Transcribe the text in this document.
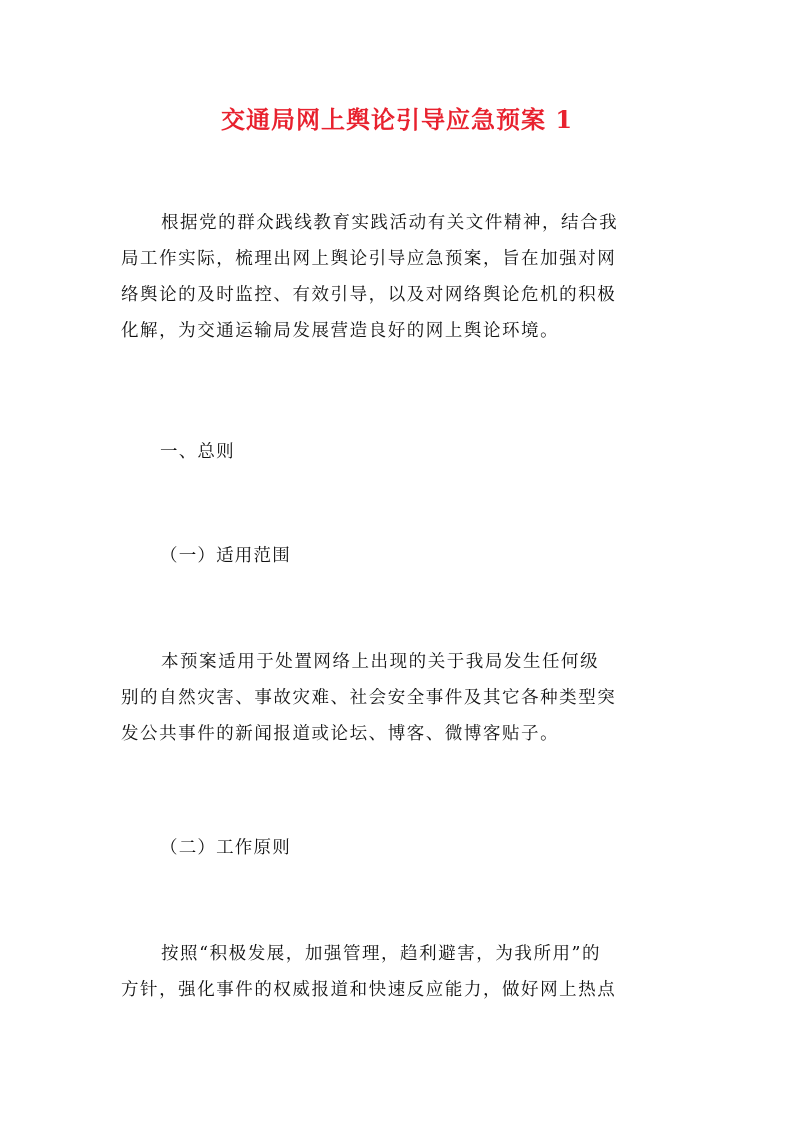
交通局网上舆论引导应急预案 1
根据党的群众践线教育实践活动有关文件精神，结合我
局工作实际，梳理出网上舆论引导应急预案，旨在加强对网
络舆论的及时监控、有效引导，以及对网络舆论危机的积极
化解，为交通运输局发展营造良好的网上舆论环境。
一、总则
（一）适用范围
本预案适用于处置网络上出现的关于我局发生任何级
别的自然灾害、事故灾难、社会安全事件及其它各种类型突
发公共事件的新闻报道或论坛、博客、微博客贴子。
（二）工作原则
按照“积极发展，加强管理，趋利避害，为我所用”的
方针，强化事件的权威报道和快速反应能力，做好网上热点
